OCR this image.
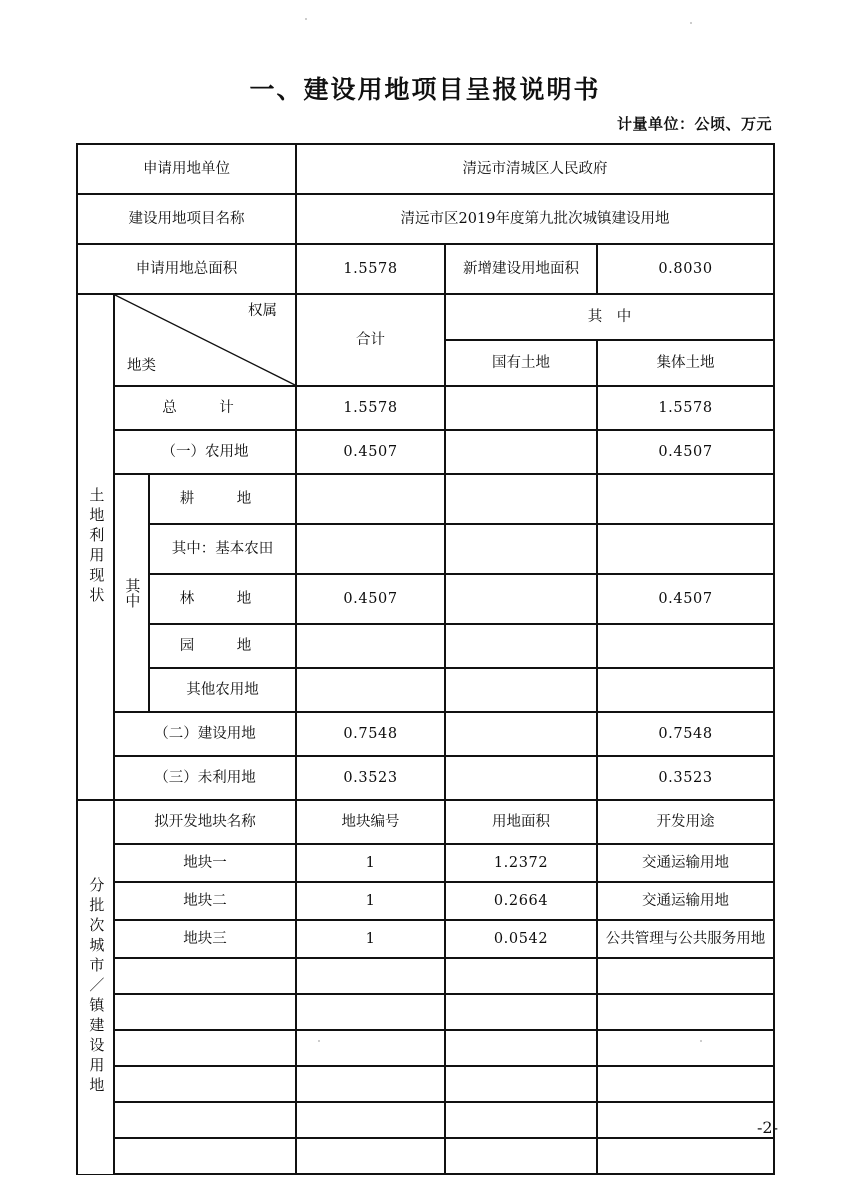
一、建设用地项目呈报说明书
计量单位：公顷、万元
申请用地单位			清远市清城区人民政府		
建设用地项目名称			清远市区2019年度第九批次城镇建设用地		
申请用地总面积			1.5578	新增建设用地面积	0.8030

土地利用现状	权属
地类		合计	其　中	
				国有土地	集体土地
	总　计		1.5578		1.5578
	（一）农用地		0.4507		0.4507

	其中	耕　地			
		其中：基本农田			
		林　地	0.4507		0.4507
		园　地			
		其他农用地			
	（二）建设用地		0.7548		0.7548
	（三）未利用地		0.3523		0.3523

分批次城市／镇建设用地	拟开发地块名称		地块编号	用地面积	开发用途
	地块一		1	1.2372	交通运输用地
	地块二		1	0.2664	交通运输用地
	地块三		1	0.0542	公共管理与公共服务用地

-2-
